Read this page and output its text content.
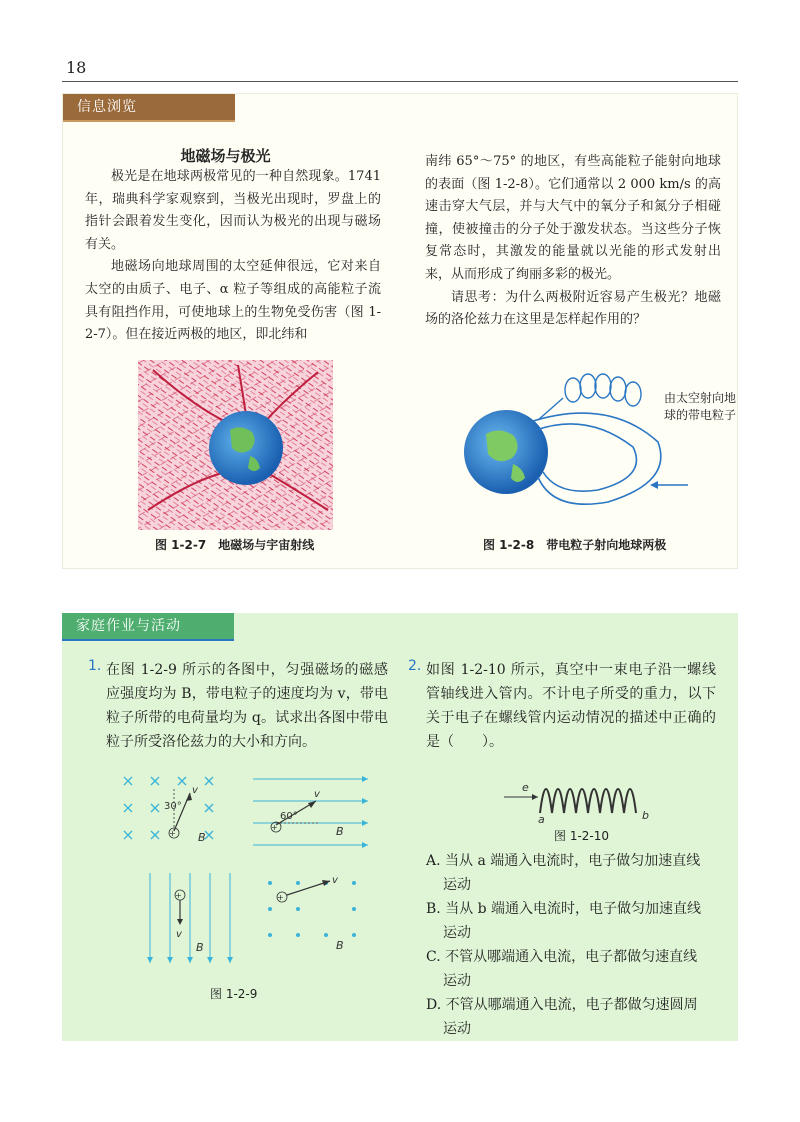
18
信息浏览
地磁场与极光

极光是在地球两极常见的一种自然现象。1741年，瑞典科学家观察到，当极光出现时，罗盘上的指针会跟着发生变化，因而认为极光的出现与磁场有关。

地磁场向地球周围的太空延伸很远，它对来自太空的由质子、电子、α 粒子等组成的高能粒子流具有阻挡作用，可使地球上的生物免受伤害（图 1-2-7）。但在接近两极的地区，即北纬和

南纬 65°～75° 的地区，有些高能粒子能射向地球的表面（图 1-2-8）。它们通常以 2 000 km/s 的高速击穿大气层，并与大气中的氧分子和氮分子相碰撞，使被撞击的分子处于激发状态。当这些分子恢复常态时，其激发的能量就以光能的形式发射出来，从而形成了绚丽多彩的极光。

请思考：为什么两极附近容易产生极光？地磁场的洛伦兹力在这里是怎样起作用的？

图 1-2-7　地磁场与宇宙射线
由太空射向地
球的带电粒子
图 1-2-8　带电粒子射向地球两极
家庭作业与活动
1. 在图 1-2-9 所示的各图中，匀强磁场的磁感应强度均为 B，带电粒子的速度均为 v，带电粒子所带的电荷量均为 q。试求出各图中带电粒子所受洛伦兹力的大小和方向。
+
30°
v
B
+
60°
v
B
+
v
B
+
v
B
图 1-2-9
2. 如图 1-2-10 所示，真空中一束电子沿一螺线管轴线进入管内。不计电子所受的重力，以下关于电子在螺线管内运动情况的描述中正确的是（　　）。
e
a	b
图 1-2-10
A. 当从 a 端通入电流时，电子做匀加速直线
运动
B. 当从 b 端通入电流时，电子做匀加速直线
运动
C. 不管从哪端通入电流，电子都做匀速直线
运动
D. 不管从哪端通入电流，电子都做匀速圆周
运动
